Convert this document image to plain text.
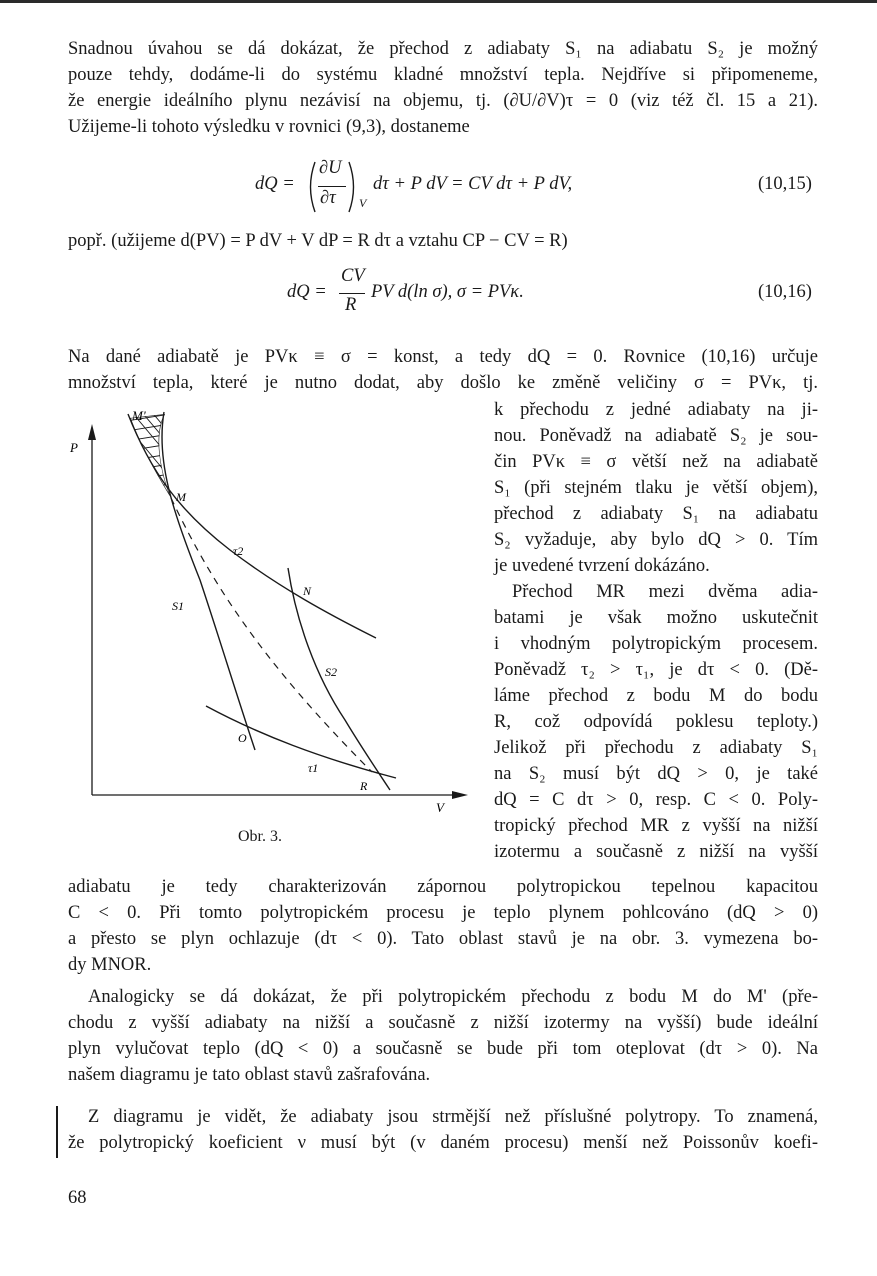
Snadnou úvahou se dá dokázat, že přechod z adiabaty S₁ na adiabatu S₂ je možný
pouze tehdy, dodáme-li do systému kladné množství tepla. Nejdříve si připomeneme,
že energie ideálního plynu nezávisí na objemu, tj. (∂U/∂V)τ = 0 (viz též čl. 15 a 21).
Užijeme-li tohoto výsledku v rovnici (9,3), dostaneme
dQ =
∂U
∂τ V
dτ + P dV = CV dτ + P dV,	(10,15)
popř. (užijeme d(PV) = P dV + V dP = R dτ a vztahu CP − CV = R)
dQ =
CV
R
PV d(ln σ), σ = PVκ.	(10,16)
Na dané adiabatě je PVκ ≡ σ = konst, a tedy dQ = 0. Rovnice (10,16) určuje
množství tepla, které je nutno dodat, aby došlo ke změně veličiny σ = PVκ, tj.
P
V
M'
M
N
O
R
S1
S2
τ1
τ2
Obr. 3.
k přechodu z jedné adiabaty na ji-
nou. Poněvadž na adiabatě S₂ je sou-
čin PVκ ≡ σ větší než na adiabatě
S₁ (při stejném tlaku je větší objem),
přechod z adiabaty S₁ na adiabatu
S₂ vyžaduje, aby bylo dQ > 0. Tím
je uvedené tvrzení dokázáno.
Přechod MR mezi dvěma adia-
batami je však možno uskutečnit
i vhodným polytropickým procesem.
Poněvadž τ₂ > τ₁, je dτ < 0. (Dě-
láme přechod z bodu M do bodu
R, což odpovídá poklesu teploty.)
Jelikož při přechodu z adiabaty S₁
na S₂ musí být dQ > 0, je také
dQ = C dτ > 0, resp. C < 0. Poly-
tropický přechod MR z vyšší na nižší
izotermu a současně z nižší na vyšší
adiabatu je tedy charakterizován zápornou polytropickou tepelnou kapacitou
C < 0. Při tomto polytropickém procesu je teplo plynem pohlcováno (dQ > 0)
a přesto se plyn ochlazuje (dτ < 0). Tato oblast stavů je na obr. 3. vymezena bo-
dy MNOR.
Analogicky se dá dokázat, že při polytropickém přechodu z bodu M do M' (pře-
chodu z vyšší adiabaty na nižší a současně z nižší izotermy na vyšší) bude ideální
plyn vylučovat teplo (dQ < 0) a současně se bude při tom oteplovat (dτ > 0). Na
našem diagramu je tato oblast stavů zašrafována.
Z diagramu je vidět, že adiabaty jsou strmější než příslušné polytropy. To znamená,
že polytropický koeficient ν musí být (v daném procesu) menší než Poissonův koefi-
68
